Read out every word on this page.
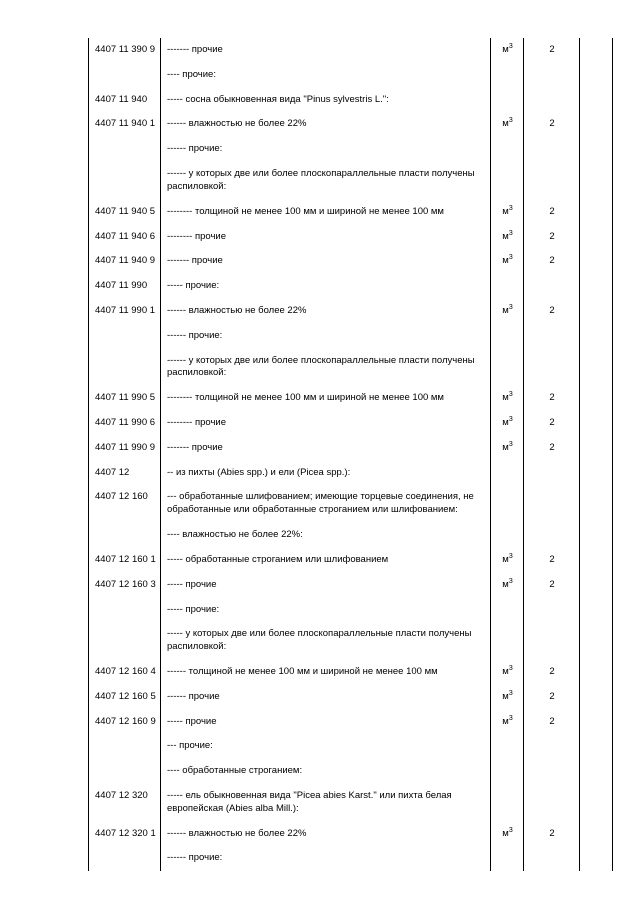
4407 11 390 9	------- прочие	$м^3$	2	
	---- прочие:			
4407 11 940	----- сосна обыкновенная вида "Pinus sylvestris L.":			
4407 11 940 1	------ влажностью не более 22%	$м^3$	2	
	------ прочие:			
	------ у которых две или более плоскопараллельные пласти получены распиловкой:			
4407 11 940 5	-------- толщиной не менее 100 мм и шириной не менее 100 мм	$м^3$	2	
4407 11 940 6	-------- прочие	$м^3$	2	
4407 11 940 9	------- прочие	$м^3$	2	
4407 11 990	----- прочие:			
4407 11 990 1	------ влажностью не более 22%	$м^3$	2	
	------ прочие:			
	------ у которых две или более плоскопараллельные пласти получены распиловкой:			
4407 11 990 5	-------- толщиной не менее 100 мм и шириной не менее 100 мм	$м^3$	2	
4407 11 990 6	-------- прочие	$м^3$	2	
4407 11 990 9	------- прочие	$м^3$	2	
4407 12	-- из пихты (Abies spp.) и ели (Picea spp.):			
4407 12 160	--- обработанные шлифованием; имеющие торцевые соединения, не обработанные или обработанные строганием или шлифованием:			
	---- влажностью не более 22%:			
4407 12 160 1	----- обработанные строганием или шлифованием	$м^3$	2	
4407 12 160 3	----- прочие	$м^3$	2	
	----- прочие:			
	----- у которых две или более плоскопараллельные пласти получены распиловкой:			
4407 12 160 4	------ толщиной не менее 100 мм и шириной не менее 100 мм	$м^3$	2	
4407 12 160 5	------ прочие	$м^3$	2	
4407 12 160 9	----- прочие	$м^3$	2	
	--- прочие:			
	---- обработанные строганием:			
4407 12 320	----- ель обыкновенная вида "Picea abies Karst." или пихта белая европейская (Abies alba Mill.):			
4407 12 320 1	------ влажностью не более 22%	$м^3$	2	
	------ прочие:			
